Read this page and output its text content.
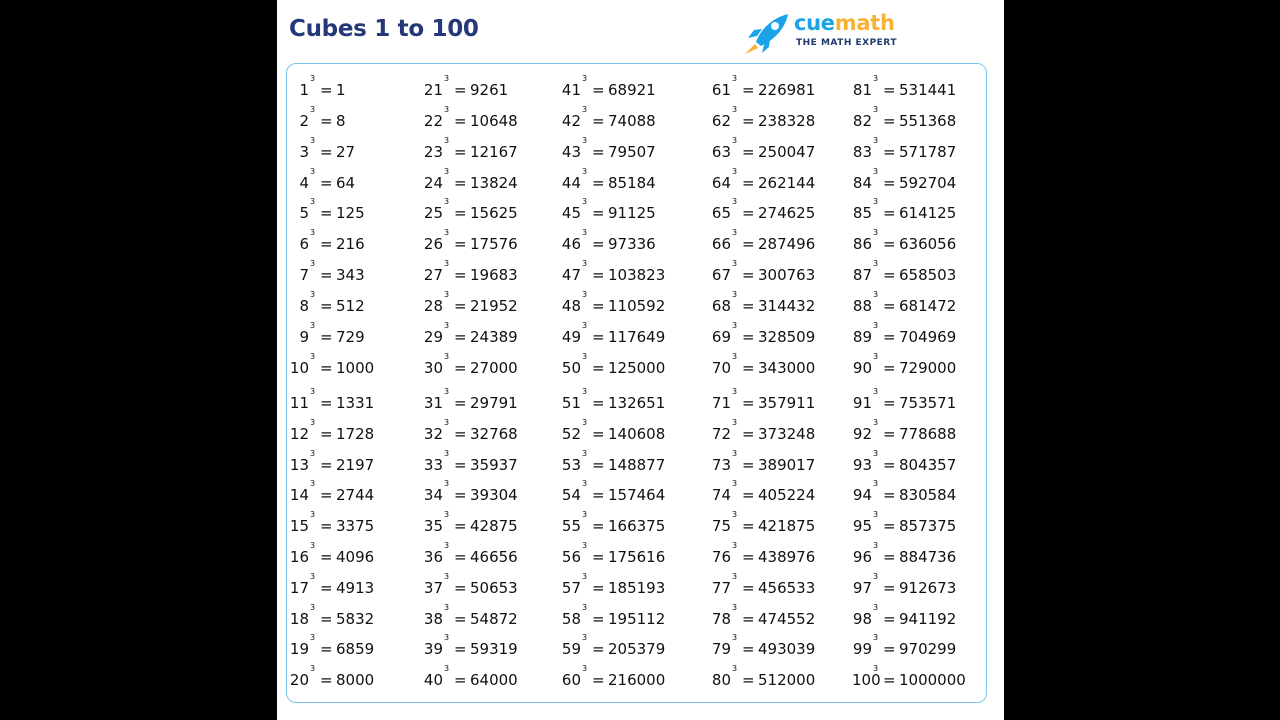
Cubes 1 to 100	cuemath
THE MATH EXPERT
1
3
= 1
2
3
= 8
3
3
= 27
4
3
= 64
5
3
= 125
6
3
= 216
7
3
= 343
8
3
= 512
9
3
= 729
10
3
= 1000
11
3
= 1331
12
3
= 1728
13
3
= 2197
14
3
= 2744
15
3
= 3375
16
3
= 4096
17
3
= 4913
18
3
= 5832
19
3
= 6859
20
3
= 8000
21
3
= 9261
22
3
= 10648
23
3
= 12167
24
3
= 13824
25
3
= 15625
26
3
= 17576
27
3
= 19683
28
3
= 21952
29
3
= 24389
30
3
= 27000
31
3
= 29791
32
3
= 32768
33
3
= 35937
34
3
= 39304
35
3
= 42875
36
3
= 46656
37
3
= 50653
38
3
= 54872
39
3
= 59319
40
3
= 64000
41
3
= 68921
42
3
= 74088
43
3
= 79507
44
3
= 85184
45
3
= 91125
46
3
= 97336
47
3
= 103823
48
3
= 110592
49
3
= 117649
50
3
= 125000
51
3
= 132651
52
3
= 140608
53
3
= 148877
54
3
= 157464
55
3
= 166375
56
3
= 175616
57
3
= 185193
58
3
= 195112
59
3
= 205379
60
3
= 216000
61
3
= 226981
62
3
= 238328
63
3
= 250047
64
3
= 262144
65
3
= 274625
66
3
= 287496
67
3
= 300763
68
3
= 314432
69
3
= 328509
70
3
= 343000
71
3
= 357911
72
3
= 373248
73
3
= 389017
74
3
= 405224
75
3
= 421875
76
3
= 438976
77
3
= 456533
78
3
= 474552
79
3
= 493039
80
3
= 512000
81
3
= 531441
82
3
= 551368
83
3
= 571787
84
3
= 592704
85
3
= 614125
86
3
= 636056
87
3
= 658503
88
3
= 681472
89
3
= 704969
90
3
= 729000
91
3
= 753571
92
3
= 778688
93
3
= 804357
94
3
= 830584
95
3
= 857375
96
3
= 884736
97
3
= 912673
98
3
= 941192
99
3
= 970299
100
3
= 1000000
